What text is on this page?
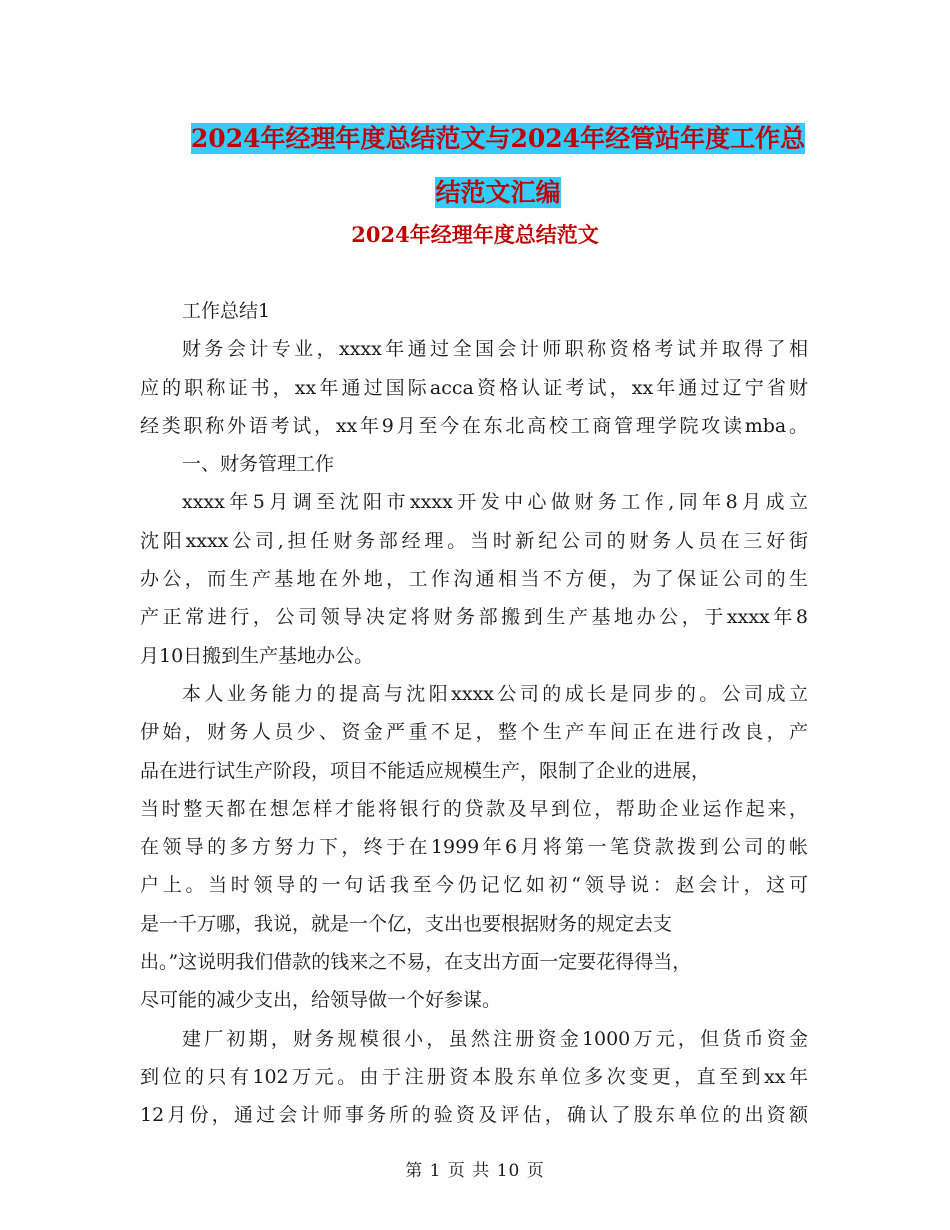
2024年经理年度总结范文与2024年经管站年度工作总
结范文汇编
2024年经理年度总结范文
工作总结1
财务会计专业，xxxx年通过全国会计师职称资格考试并取得了相
应的职称证书，xx年通过国际acca资格认证考试，xx年通过辽宁省财
经类职称外语考试，xx年9月至今在东北高校工商管理学院攻读mba。
一、财务管理工作
xxxx年5月调至沈阳市xxxx开发中心做财务工作,同年8月成立
沈阳xxxx公司,担任财务部经理。当时新纪公司的财务人员在三好街
办公，而生产基地在外地，工作沟通相当不方便，为了保证公司的生
产正常进行，公司领导决定将财务部搬到生产基地办公，于xxxx年8
月10日搬到生产基地办公。
本人业务能力的提高与沈阳xxxx公司的成长是同步的。公司成立
伊始，财务人员少、资金严重不足，整个生产车间正在进行改良，产
品在进行试生产阶段，项目不能适应规模生产，限制了企业的进展，
当时整天都在想怎样才能将银行的贷款及早到位，帮助企业运作起来，
在领导的多方努力下，终于在1999年6月将第一笔贷款拨到公司的帐
户上。当时领导的一句话我至今仍记忆如初“领导说：赵会计，这可
是一千万哪，我说，就是一个亿，支出也要根据财务的规定去支
出。”这说明我们借款的钱来之不易，在支出方面一定要花得得当，
尽可能的减少支出，给领导做一个好参谋。
建厂初期，财务规模很小，虽然注册资金1000万元，但货币资金
到位的只有102万元。由于注册资本股东单位多次变更，直至到xx年
12月份，通过会计师事务所的验资及评估，确认了股东单位的出资额
第 1 页 共 10 页
